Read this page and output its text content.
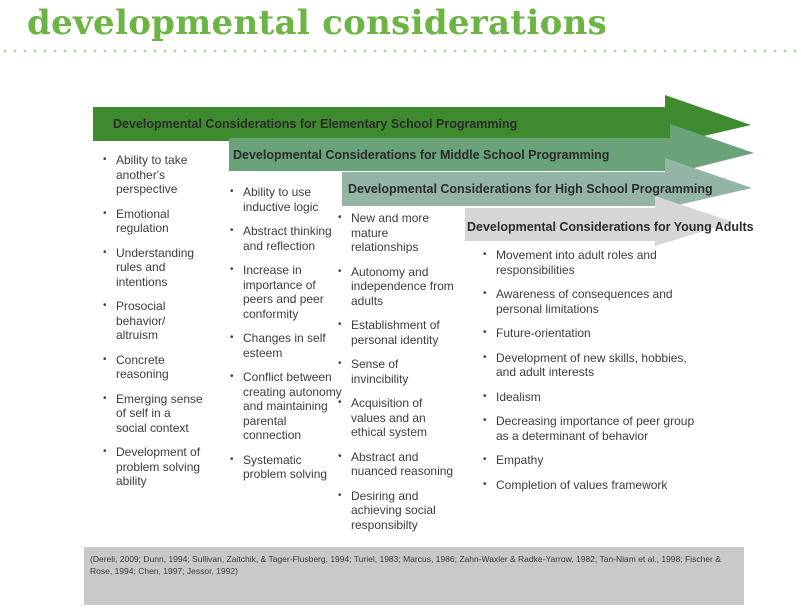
developmental considerations
Developmental Considerations for Elementary School Programming
Developmental Considerations for Middle School Programming
Developmental Considerations for High School Programming
Developmental Considerations for Young Adults
• Ability to take another's perspective
• Emotional regulation
• Understanding rules and intentions
• Prosocial behavior/ altruism
• Concrete reasoning
• Emerging sense of self in a social context
• Development of problem solving ability
• Ability to use inductive logic
• Abstract thinking and reflection
• Increase in importance of peers and peer conformity
• Changes in self esteem
• Conflict between creating autonomy and maintaining parental connection
• Systematic problem solving
• New and more mature relationships
• Autonomy and independence from adults
• Establishment of personal identity
• Sense of invincibility
• Acquisition of values and an ethical system
• Abstract and nuanced reasoning
• Desiring and achieving social responsibilty
• Movement into adult roles and responsibilities
• Awareness of consequences and personal limitations
• Future-orientation
• Development of new skills, hobbies, and adult interests
• Idealism
• Decreasing importance of peer group as a determinant of behavior
• Empathy
• Completion of values framework
(Dereli, 2009; Dunn, 1994; Sullivan, Zaitchik, & Tager-Flusberg, 1994; Turiel, 1983; Marcus, 1986; Zahn-Waxler & Radke-Yarrow, 1982; Tan-Niam et al., 1998; Fischer & Rose, 1994; Chen, 1997; Jessor, 1992)
